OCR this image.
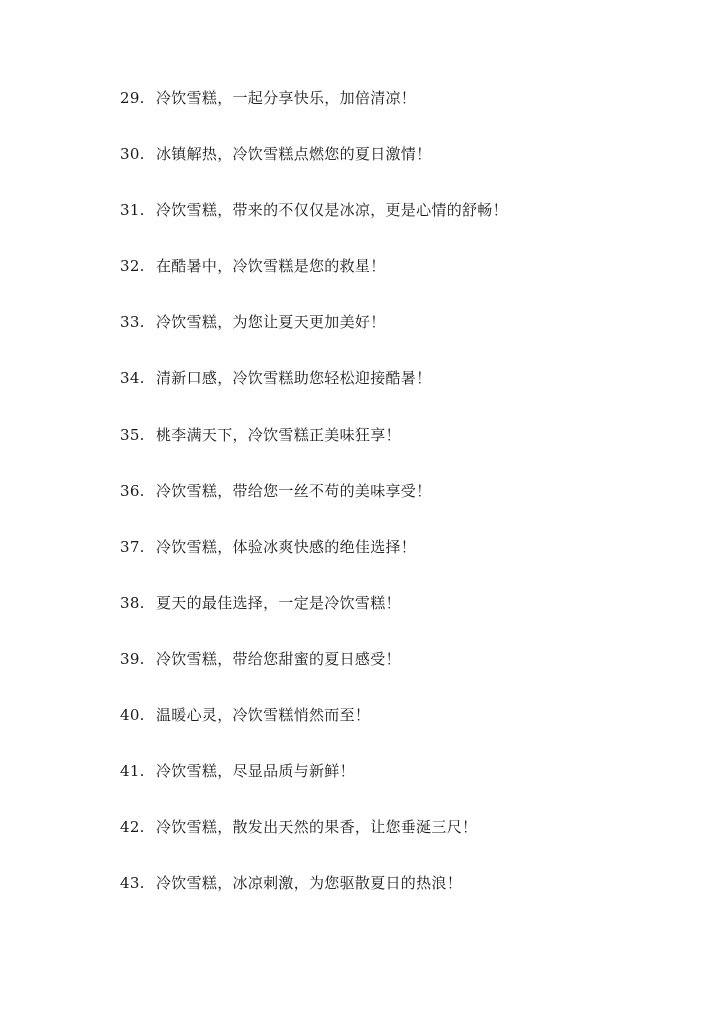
29. 冷饮雪糕，一起分享快乐，加倍清凉！
30. 冰镇解热，冷饮雪糕点燃您的夏日激情！
31. 冷饮雪糕，带来的不仅仅是冰凉，更是心情的舒畅！
32. 在酷暑中，冷饮雪糕是您的救星！
33. 冷饮雪糕，为您让夏天更加美好！
34. 清新口感，冷饮雪糕助您轻松迎接酷暑！
35. 桃李满天下，冷饮雪糕正美味狂享！
36. 冷饮雪糕，带给您一丝不苟的美味享受！
37. 冷饮雪糕，体验冰爽快感的绝佳选择！
38. 夏天的最佳选择，一定是冷饮雪糕！
39. 冷饮雪糕，带给您甜蜜的夏日感受！
40. 温暖心灵，冷饮雪糕悄然而至！
41. 冷饮雪糕，尽显品质与新鲜！
42. 冷饮雪糕，散发出天然的果香，让您垂涎三尺！
43. 冷饮雪糕，冰凉刺激，为您驱散夏日的热浪！
